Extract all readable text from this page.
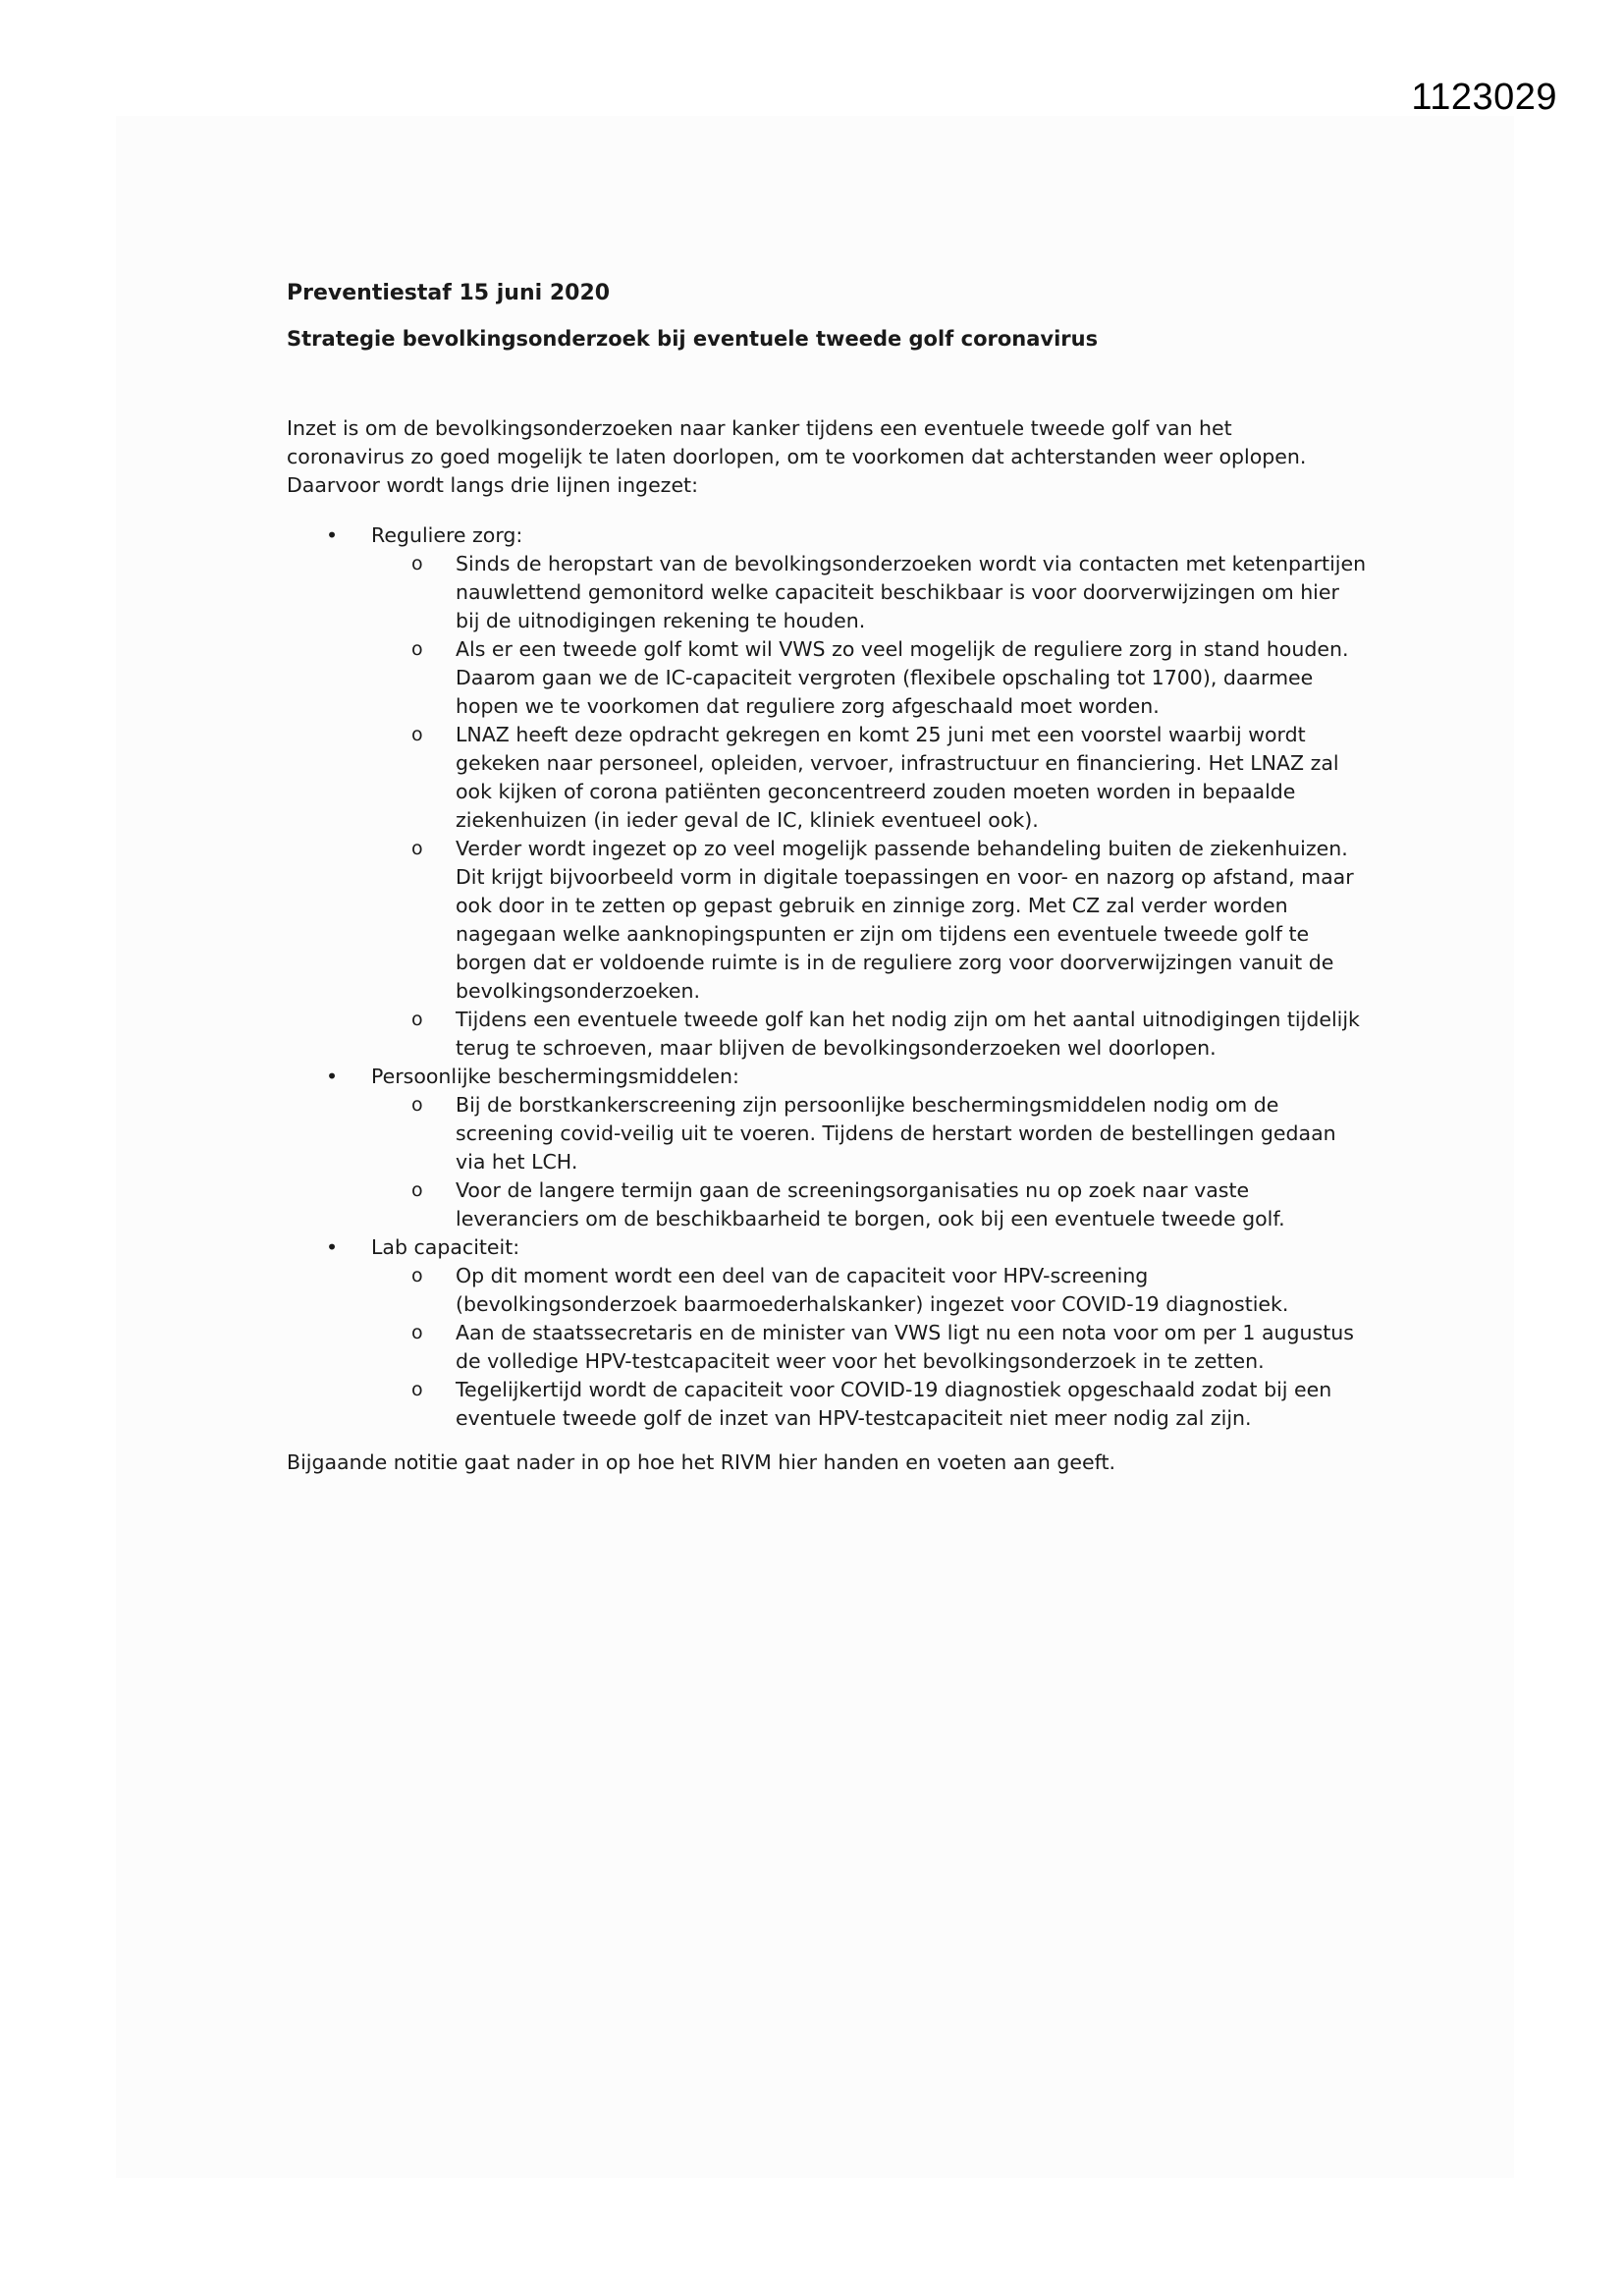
1123029
Preventiestaf 15 juni 2020
Strategie bevolkingsonderzoek bij eventuele tweede golf coronavirus

Inzet is om de bevolkingsonderzoeken naar kanker tijdens een eventuele tweede golf van het coronavirus zo goed mogelijk te laten doorlopen, om te voorkomen dat achterstanden weer oplopen. Daarvoor wordt langs drie lijnen ingezet:

• Reguliere zorg:
o Sinds de heropstart van de bevolkingsonderzoeken wordt via contacten met ketenpartijen nauwlettend gemonitord welke capaciteit beschikbaar is voor doorverwijzingen om hier bij de uitnodigingen rekening te houden.
o Als er een tweede golf komt wil VWS zo veel mogelijk de reguliere zorg in stand houden. Daarom gaan we de IC-capaciteit vergroten (flexibele opschaling tot 1700), daarmee hopen we te voorkomen dat reguliere zorg afgeschaald moet worden.
o LNAZ heeft deze opdracht gekregen en komt 25 juni met een voorstel waarbij wordt gekeken naar personeel, opleiden, vervoer, infrastructuur en financiering. Het LNAZ zal ook kijken of corona patiënten geconcentreerd zouden moeten worden in bepaalde ziekenhuizen (in ieder geval de IC, kliniek eventueel ook).
o Verder wordt ingezet op zo veel mogelijk passende behandeling buiten de ziekenhuizen. Dit krijgt bijvoorbeeld vorm in digitale toepassingen en voor- en nazorg op afstand, maar ook door in te zetten op gepast gebruik en zinnige zorg. Met CZ zal verder worden nagegaan welke aanknopingspunten er zijn om tijdens een eventuele tweede golf te borgen dat er voldoende ruimte is in de reguliere zorg voor doorverwijzingen vanuit de bevolkingsonderzoeken.
o Tijdens een eventuele tweede golf kan het nodig zijn om het aantal uitnodigingen tijdelijk terug te schroeven, maar blijven de bevolkingsonderzoeken wel doorlopen.
• Persoonlijke beschermingsmiddelen:
o Bij de borstkankerscreening zijn persoonlijke beschermingsmiddelen nodig om de screening covid-veilig uit te voeren. Tijdens de herstart worden de bestellingen gedaan via het LCH.
o Voor de langere termijn gaan de screeningsorganisaties nu op zoek naar vaste leveranciers om de beschikbaarheid te borgen, ook bij een eventuele tweede golf.
• Lab capaciteit:
o Op dit moment wordt een deel van de capaciteit voor HPV-screening (bevolkingsonderzoek baarmoederhalskanker) ingezet voor COVID-19 diagnostiek.
o Aan de staatssecretaris en de minister van VWS ligt nu een nota voor om per 1 augustus de volledige HPV-testcapaciteit weer voor het bevolkingsonderzoek in te zetten.
o Tegelijkertijd wordt de capaciteit voor COVID-19 diagnostiek opgeschaald zodat bij een eventuele tweede golf de inzet van HPV-testcapaciteit niet meer nodig zal zijn.

Bijgaande notitie gaat nader in op hoe het RIVM hier handen en voeten aan geeft.
